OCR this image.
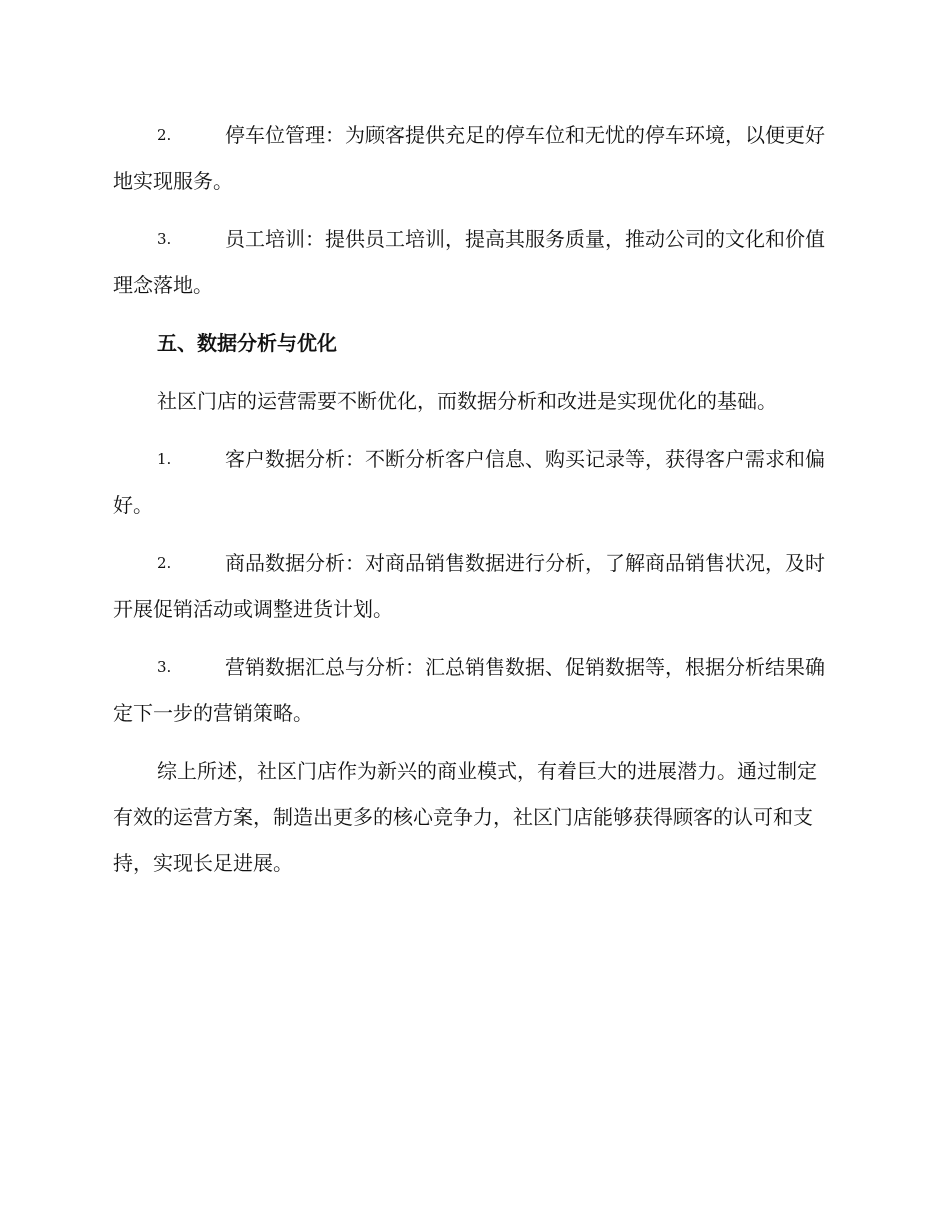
2.	停车位管理：为顾客提供充足的停车位和无忧的停车环境，以便更好地实现服务。

3.	员工培训：提供员工培训，提高其服务质量，推动公司的文化和价值理念落地。

五、数据分析与优化

社区门店的运营需要不断优化，而数据分析和改进是实现优化的基础。

1.	客户数据分析：不断分析客户信息、购买记录等，获得客户需求和偏好。

2.	商品数据分析：对商品销售数据进行分析，了解商品销售状况，及时开展促销活动或调整进货计划。

3.	营销数据汇总与分析：汇总销售数据、促销数据等，根据分析结果确定下一步的营销策略。

综上所述，社区门店作为新兴的商业模式，有着巨大的进展潜力。通过制定有效的运营方案，制造出更多的核心竞争力，社区门店能够获得顾客的认可和支持，实现长足进展。
